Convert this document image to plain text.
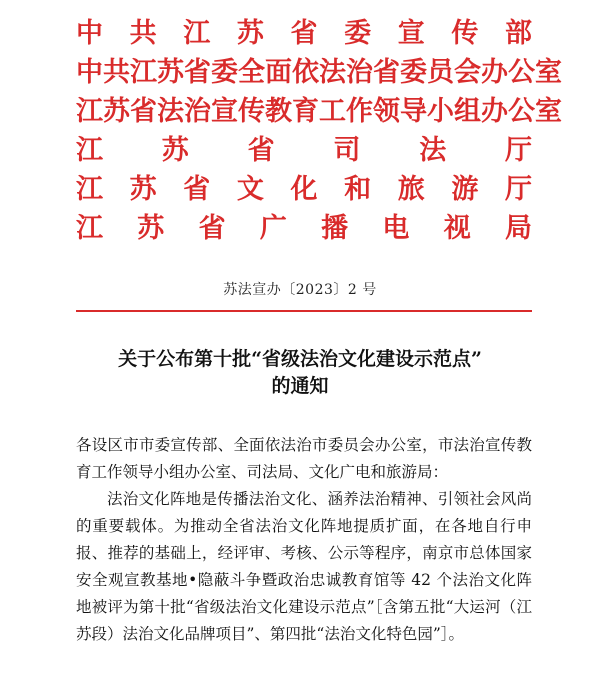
中 共 江 苏 省 委 宣 传 部
中 共 江 苏 省 委 全 面 依 法 治 省 委 员 会 办 公 室
江 苏 省 法 治 宣 传 教 育 工 作 领 导 小 组 办 公 室
江 苏 省 司 法 厅
江 苏 省 文 化 和 旅 游 厅
江 苏 省 广 播 电 视 局
苏法宣办〔2023〕2 号
关于公布第十批“省级法治文化建设示范点”
的通知

各设区市市委宣传部、全面依法治市委员会办公室，市法治宣传教育工作领导小组办公室、司法局、文化广电和旅游局：

法治文化阵地是传播法治文化、涵养法治精神、引领社会风尚的重要载体。为推动全省法治文化阵地提质扩面，在各地自行申报、推荐的基础上，经评审、考核、公示等程序，南京市总体国家安全观宣教基地•隐蔽斗争暨政治忠诚教育馆等 42 个法治文化阵地被评为第十批“省级法治文化建设示范点”［含第五批“大运河（江苏段）法治文化品牌项目”、第四批“法治文化特色园”］。
